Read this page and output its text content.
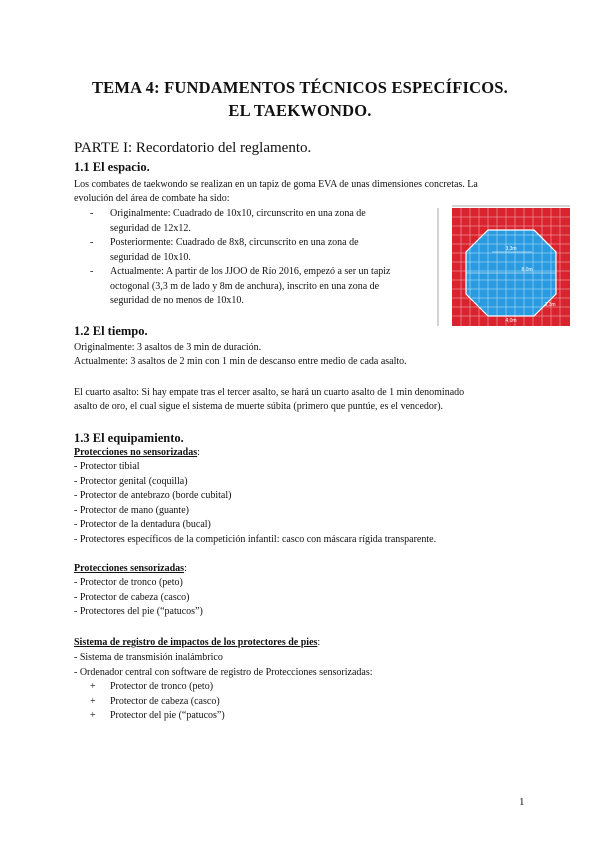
TEMA 4: FUNDAMENTOS TÉCNICOS ESPECÍFICOS.
EL TAEKWONDO.
PARTE I: Recordatorio del reglamento.
1.1 El espacio.
Los combates de taekwondo se realizan en un tapiz de goma EVA de unas dimensiones concretas. La
evolución del área de combate ha sido:
- Originalmente: Cuadrado de 10x10, circunscrito en una zona de
seguridad de 12x12.
- Posteriormente: Cuadrado de 8x8, circunscrito en una zona de
seguridad de 10x10.
- Actualmente: A partir de los JJOO de Río 2016, empezó a ser un tapiz
octogonal (3,3 m de lado y 8m de anchura), inscrito en una zona de
seguridad de no menos de 10x10.
3,3m
8,0m
3,3m
4,0m
1.2 El tiempo.
Originalmente: 3 asaltos de 3 min de duración.
Actualmente: 3 asaltos de 2 min con 1 min de descanso entre medio de cada asalto.
El cuarto asalto: Si hay empate tras el tercer asalto, se hará un cuarto asalto de 1 min denominado
asalto de oro, el cual sigue el sistema de muerte súbita (primero que puntúe, es el vencedor).
1.3 El equipamiento.
Protecciones no sensorizadas:
- Protector tibial
- Protector genital (coquilla)
- Protector de antebrazo (borde cubital)
- Protector de mano (guante)
- Protector de la dentadura (bucal)
- Protectores específicos de la competición infantil: casco con máscara rígida transparente.
Protecciones sensorizadas:
- Protector de tronco (peto)
- Protector de cabeza (casco)
- Protectores del pie (“patucos”)
Sistema de registro de impactos de los protectores de pies:
- Sistema de transmisión inalámbrico
- Ordenador central con software de registro de Protecciones sensorizadas:
+ Protector de tronco (peto)
+ Protector de cabeza (casco)
+ Protector del pie (“patucos”)
1
